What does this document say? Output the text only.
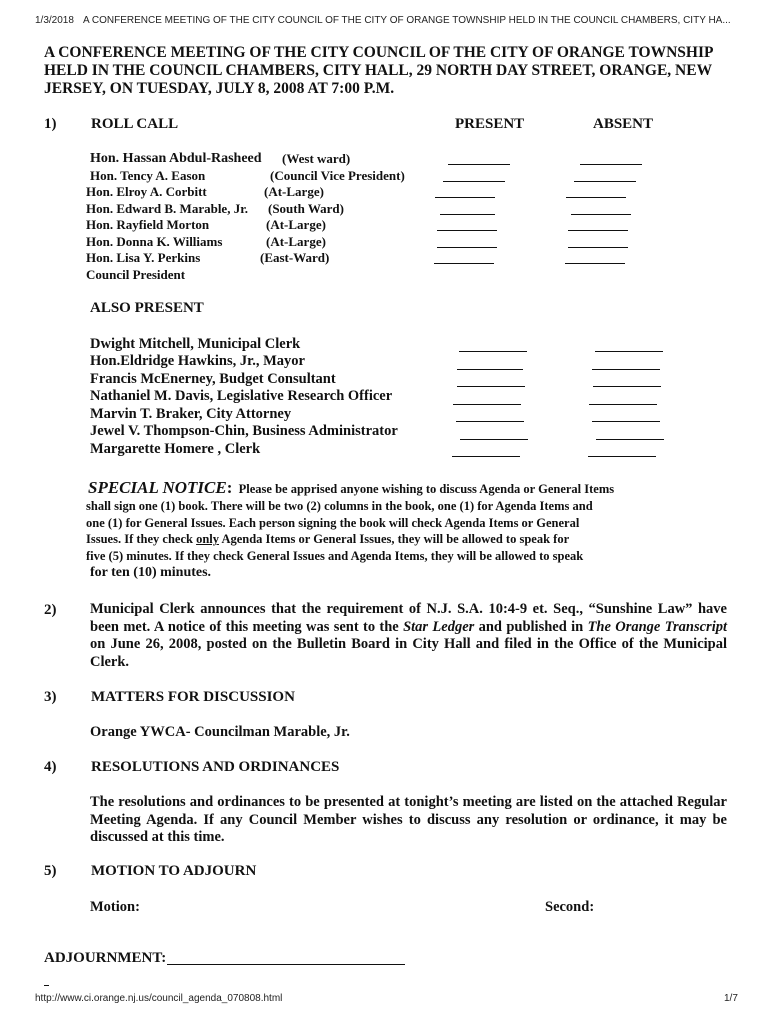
1/3/2018 A CONFERENCE MEETING OF THE CITY COUNCIL OF THE CITY OF ORANGE TOWNSHIP HELD IN THE COUNCIL CHAMBERS, CITY HA...
A CONFERENCE MEETING OF THE CITY COUNCIL OF THE CITY OF ORANGE TOWNSHIP HELD IN THE COUNCIL CHAMBERS, CITY HALL, 29 NORTH DAY STREET, ORANGE, NEW JERSEY, ON TUESDAY, JULY 8, 2008 AT 7:00 P.M.
1) ROLL CALL	PRESENT	ABSENT
Hon. Hassan Abdul-Rasheed (West ward)
Hon. Tency A. Eason	(Council Vice President)
Hon. Elroy A. Corbitt	(At-Large)
Hon. Edward B. Marable, Jr. (South Ward)
Hon. Rayfield Morton	(At-Large)
Hon. Donna K. Williams	(At-Large)
Hon. Lisa Y. Perkins	(East-Ward)
Council President
ALSO PRESENT
Dwight Mitchell, Municipal Clerk
Hon.Eldridge Hawkins, Jr., Mayor
Francis McEnerney, Budget Consultant
Nathaniel M. Davis, Legislative Research Officer
Marvin T. Braker, City Attorney
Jewel V. Thompson-Chin, Business Administrator
Margarette Homere , Clerk
SPECIAL NOTICE: Please be apprised anyone wishing to discuss Agenda or General Items
shall sign one (1) book. There will be two (2) columns in the book, one (1) for Agenda Items and
one (1) for General Issues. Each person signing the book will check Agenda Items or General
Issues. If they check only Agenda Items or General Issues, they will be allowed to speak for
five (5) minutes. If they check General Issues and Agenda Items, they will be allowed to speak
for ten (10) minutes.
2) Municipal Clerk announces that the requirement of N.J. S.A. 10:4-9 et. Seq., “Sunshine Law” have been met. A notice of this meeting was sent to the Star Ledger and published in The Orange Transcript on June 26, 2008, posted on the Bulletin Board in City Hall and filed in the Office of the Municipal Clerk.
3) MATTERS FOR DISCUSSION
Orange YWCA- Councilman Marable, Jr.
4) RESOLUTIONS AND ORDINANCES
The resolutions and ordinances to be presented at tonight’s meeting are listed on the attached Regular Meeting Agenda. If any Council Member wishes to discuss any resolution or ordinance, it may be discussed at this time.
5) MOTION TO ADJOURN
Motion:	Second:
ADJOURNMENT:
http://www.ci.orange.nj.us/council_agenda_070808.html	1/7
